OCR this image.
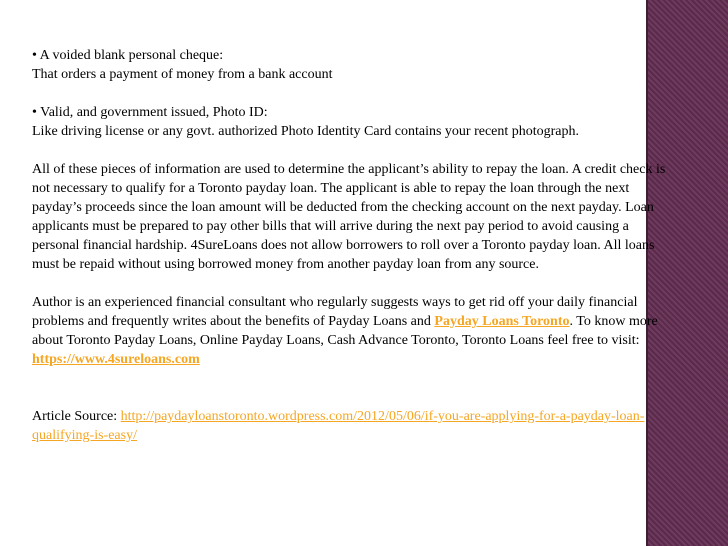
• A voided blank personal cheque:

That orders a payment of money from a bank account

• Valid, and government issued, Photo ID:

Like driving license or any govt. authorized Photo Identity Card contains your recent photograph.

All of these pieces of information are used to determine the applicant’s ability to repay the loan. A credit check is not necessary to qualify for a Toronto payday loan. The applicant is able to repay the loan through the next payday’s proceeds since the loan amount will be deducted from the checking account on the next payday. Loan applicants must be prepared to pay other bills that will arrive during the next pay period to avoid causing a personal financial hardship. 4SureLoans does not allow borrowers to roll over a Toronto payday loan. All loans must be repaid without using borrowed money from another payday loan from any source.

Author is an experienced financial consultant who regularly suggests ways to get rid off your daily financial problems and frequently writes about the benefits of Payday Loans and Payday Loans Toronto. To know more about Toronto Payday Loans, Online Payday Loans, Cash Advance Toronto, Toronto Loans feel free to visit: https://www.4sureloans.com

Article Source: http://paydayloanstoronto.wordpress.com/2012/05/06/if-you-are-applying-for-a-payday-loan-qualifying-is-easy/
